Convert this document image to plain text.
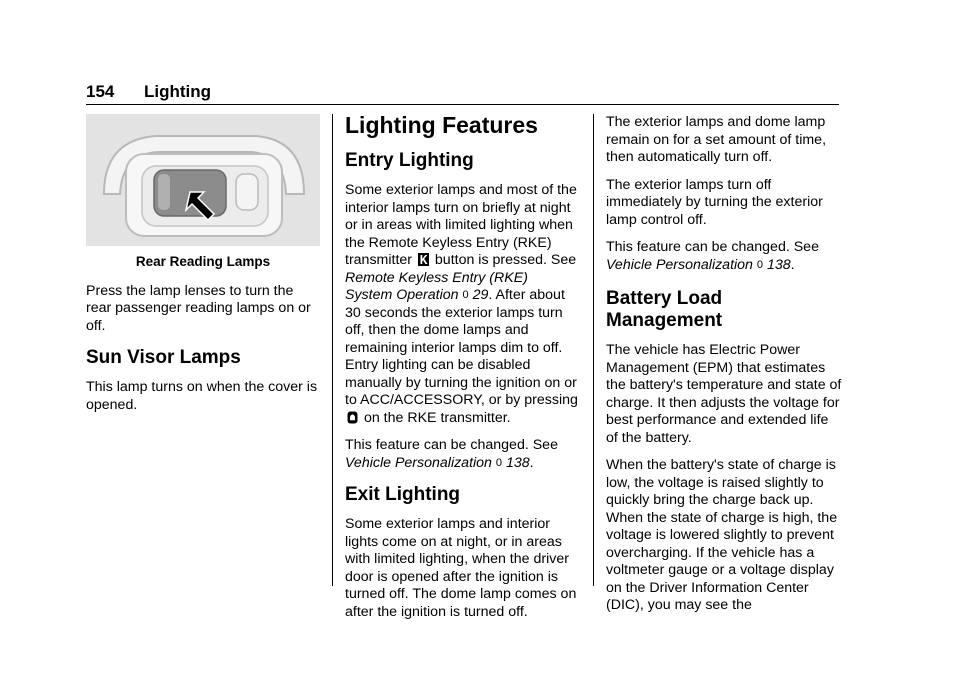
154 Lighting
Rear Reading Lamps

Press the lamp lenses to turn the rear passenger reading lamps on or off.

Sun Visor Lamps

This lamp turns on when the cover is opened.

Lighting Features
Entry Lighting

Some exterior lamps and most of the interior lamps turn on briefly at night or in areas with limited lighting when the Remote Keyless Entry (RKE) transmitter button is pressed. See Remote Keyless Entry (RKE) System Operation 0 29. After about 30 seconds the exterior lamps turn off, then the dome lamps and remaining interior lamps dim to off. Entry lighting can be disabled manually by turning the ignition on or to ACC/ACCESSORY, or by pressing  on the RKE transmitter.

This feature can be changed. See Vehicle Personalization 0 138.

Exit Lighting

Some exterior lamps and interior lights come on at night, or in areas with limited lighting, when the driver door is opened after the ignition is turned off. The dome lamp comes on after the ignition is turned off.

The exterior lamps and dome lamp remain on for a set amount of time, then automatically turn off.

The exterior lamps turn off immediately by turning the exterior lamp control off.

This feature can be changed. See Vehicle Personalization 0 138.

Battery Load Management

The vehicle has Electric Power Management (EPM) that estimates the battery's temperature and state of charge. It then adjusts the voltage for best performance and extended life of the battery.

When the battery's state of charge is low, the voltage is raised slightly to quickly bring the charge back up. When the state of charge is high, the voltage is lowered slightly to prevent overcharging. If the vehicle has a voltmeter gauge or a voltage display on the Driver Information Center (DIC), you may see the
